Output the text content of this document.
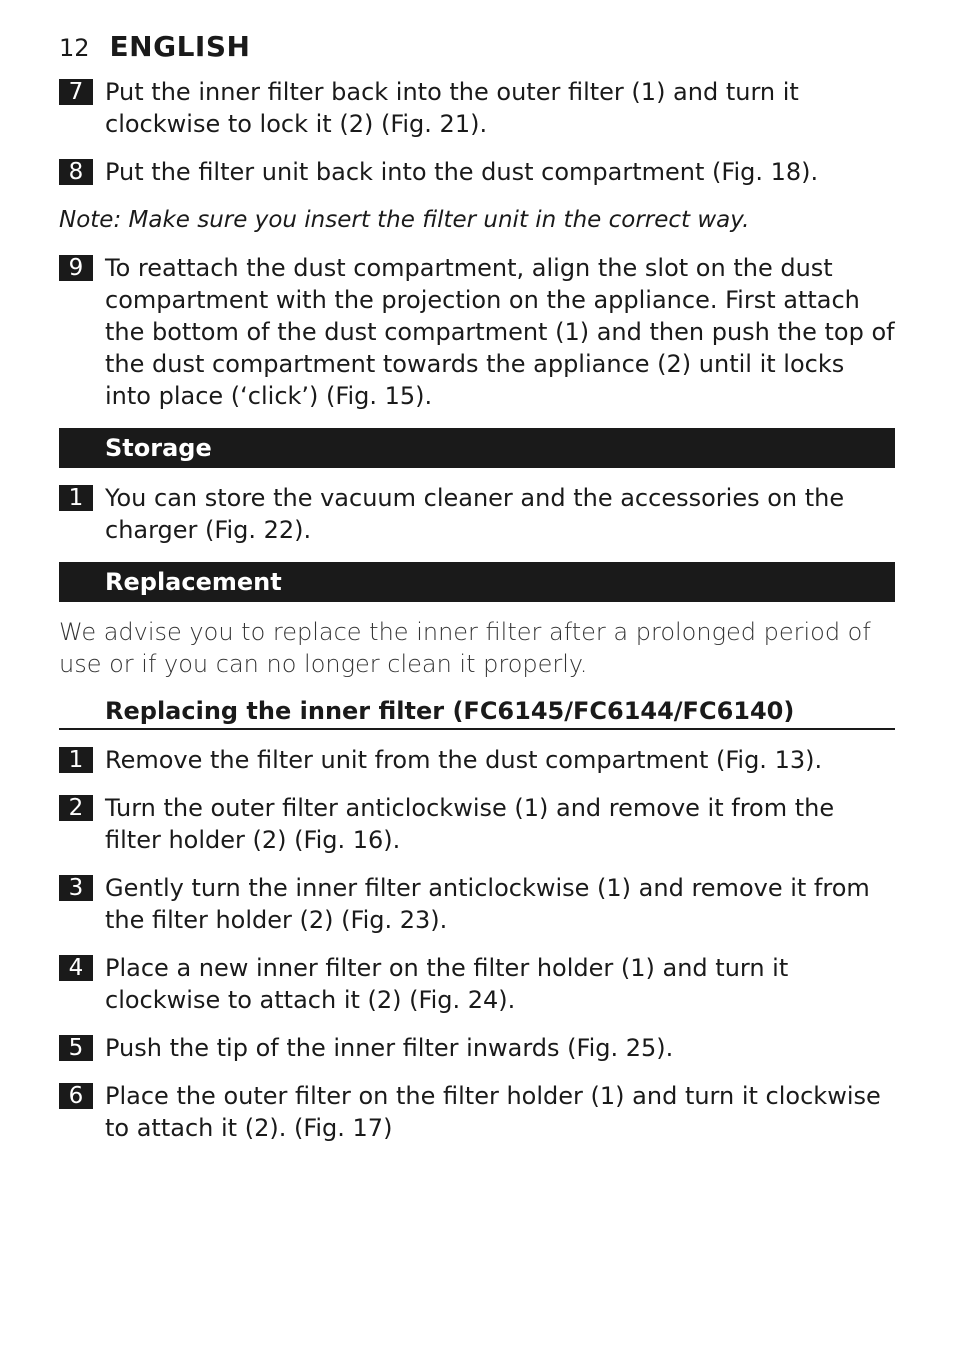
12 ENGLISH
7 Put the inner filter back into the outer filter (1) and turn it clockwise to lock it (2) (Fig. 21).
8 Put the filter unit back into the dust compartment (Fig. 18).

Note: Make sure you insert the filter unit in the correct way.

9 To reattach the dust compartment, align the slot on the dust compartment with the projection on the appliance. First attach the bottom of the dust compartment (1) and then push the top of the dust compartment towards the appliance (2) until it locks into place (‘click’) (Fig. 15).
Storage
1 You can store the vacuum cleaner and the accessories on the charger (Fig. 22).
Replacement

We advise you to replace the inner filter after a prolonged period of use or if you can no longer clean it properly.

Replacing the inner filter (FC6145/FC6144/FC6140)
1 Remove the filter unit from the dust compartment (Fig. 13).
2 Turn the outer filter anticlockwise (1) and remove it from the filter holder (2) (Fig. 16).
3 Gently turn the inner filter anticlockwise (1) and remove it from the filter holder (2) (Fig. 23).
4 Place a new inner filter on the filter holder (1) and turn it clockwise to attach it (2) (Fig. 24).
5 Push the tip of the inner filter inwards (Fig. 25).
6 Place the outer filter on the filter holder (1) and turn it clockwise to attach it (2). (Fig. 17)
